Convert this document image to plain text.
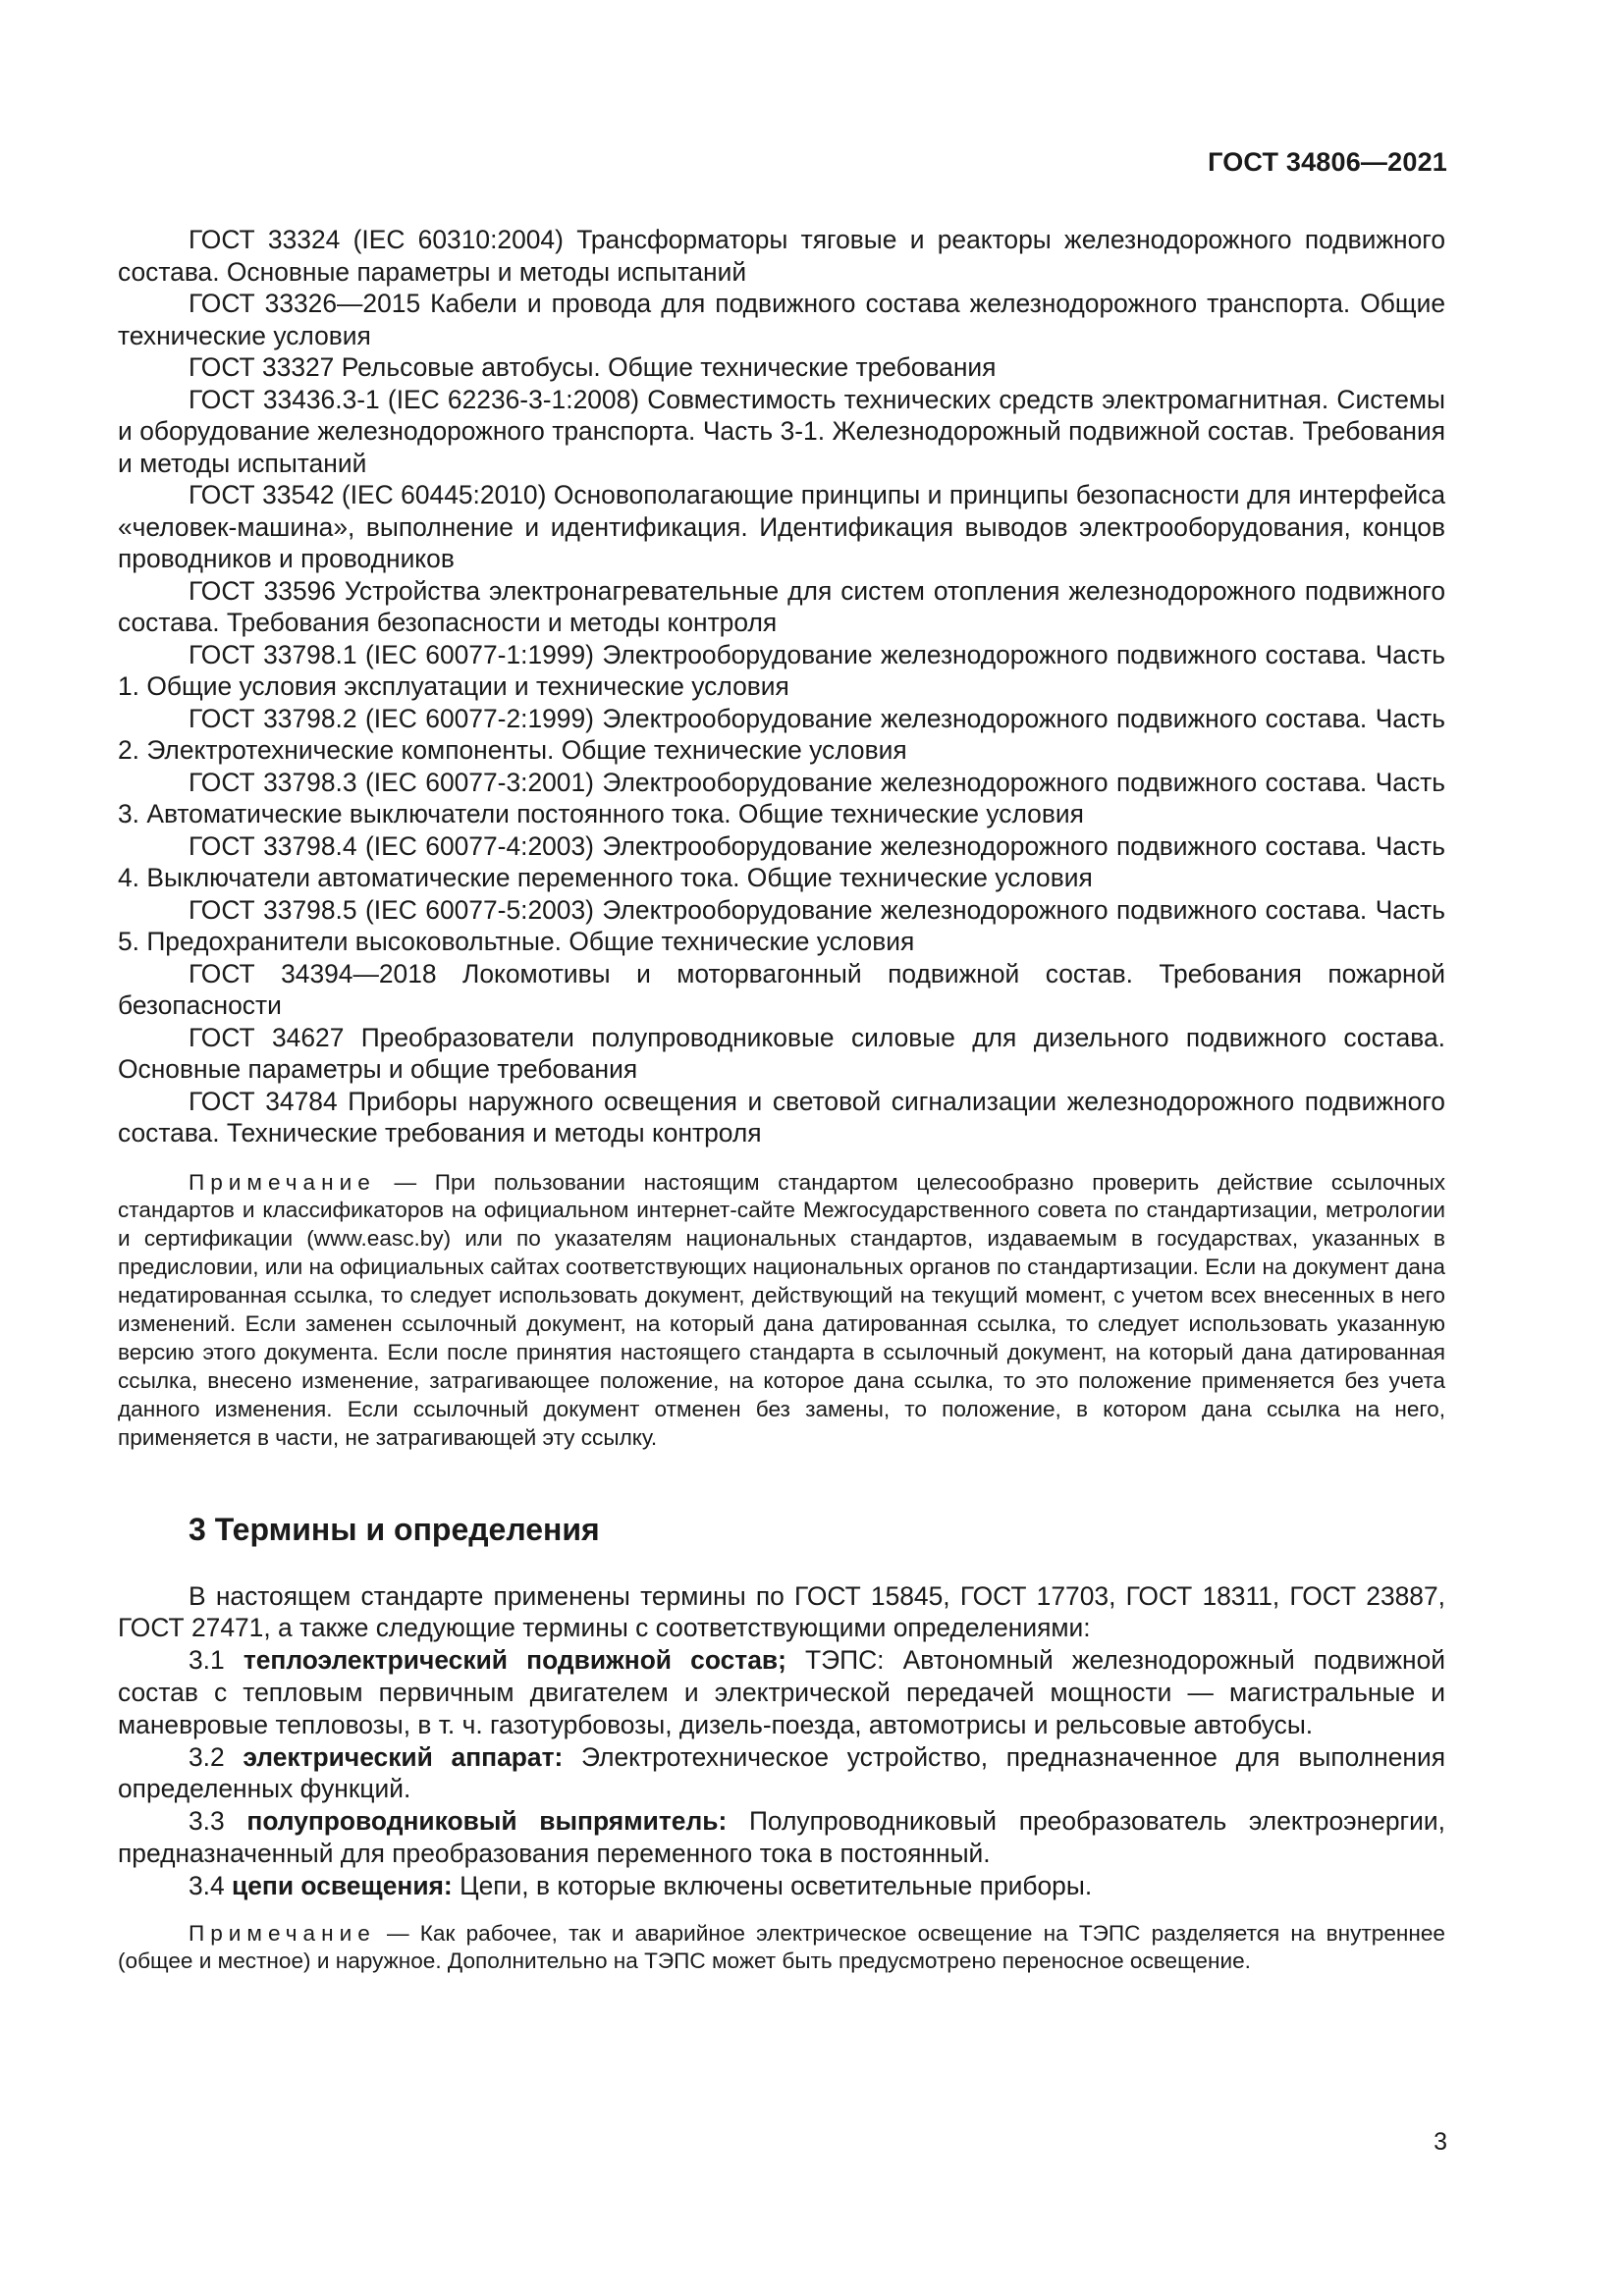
ГОСТ 34806—2021

ГОСТ 33324 (IEC 60310:2004) Трансформаторы тяговые и реакторы железнодорожного подвижного состава. Основные параметры и методы испытаний

ГОСТ 33326—2015 Кабели и провода для подвижного состава железнодорожного транспорта. Общие технические условия

ГОСТ 33327 Рельсовые автобусы. Общие технические требования

ГОСТ 33436.3-1 (IEC 62236-3-1:2008) Совместимость технических средств электромагнитная. Системы и оборудование железнодорожного транспорта. Часть 3-1. Железнодорожный подвижной состав. Требования и методы испытаний

ГОСТ 33542 (IEC 60445:2010) Основополагающие принципы и принципы безопасности для интерфейса «человек-машина», выполнение и идентификация. Идентификация выводов электрооборудования, концов проводников и проводников

ГОСТ 33596 Устройства электронагревательные для систем отопления железнодорожного подвижного состава. Требования безопасности и методы контроля

ГОСТ 33798.1 (IEC 60077-1:1999) Электрооборудование железнодорожного подвижного состава. Часть 1. Общие условия эксплуатации и технические условия

ГОСТ 33798.2 (IEC 60077-2:1999) Электрооборудование железнодорожного подвижного состава. Часть 2. Электротехнические компоненты. Общие технические условия

ГОСТ 33798.3 (IEC 60077-3:2001) Электрооборудование железнодорожного подвижного состава. Часть 3. Автоматические выключатели постоянного тока. Общие технические условия

ГОСТ 33798.4 (IEC 60077-4:2003) Электрооборудование железнодорожного подвижного состава. Часть 4. Выключатели автоматические переменного тока. Общие технические условия

ГОСТ 33798.5 (IEC 60077-5:2003) Электрооборудование железнодорожного подвижного состава. Часть 5. Предохранители высоковольтные. Общие технические условия

ГОСТ 34394—2018 Локомотивы и моторвагонный подвижной состав. Требования пожарной безопасности

ГОСТ 34627 Преобразователи полупроводниковые силовые для дизельного подвижного состава. Основные параметры и общие требования

ГОСТ 34784 Приборы наружного освещения и световой сигнализации железнодорожного подвижного состава. Технические требования и методы контроля

Примечание — При пользовании настоящим стандартом целесообразно проверить действие ссылочных стандартов и классификаторов на официальном интернет-сайте Межгосударственного совета по стандартизации, метрологии и сертификации (www.easc.by) или по указателям национальных стандартов, издаваемым в государствах, указанных в предисловии, или на официальных сайтах соответствующих национальных органов по стандартизации. Если на документ дана недатированная ссылка, то следует использовать документ, действующий на текущий момент, с учетом всех внесенных в него изменений. Если заменен ссылочный документ, на который дана датированная ссылка, то следует использовать указанную версию этого документа. Если после принятия настоящего стандарта в ссылочный документ, на который дана датированная ссылка, внесено изменение, затрагивающее положение, на которое дана ссылка, то это положение применяется без учета данного изменения. Если ссылочный документ отменен без замены, то положение, в котором дана ссылка на него, применяется в части, не затрагивающей эту ссылку.

3 Термины и определения

В настоящем стандарте применены термины по ГОСТ 15845, ГОСТ 17703, ГОСТ 18311, ГОСТ 23887, ГОСТ 27471, а также следующие термины с соответствующими определениями:

3.1 теплоэлектрический подвижной состав; ТЭПС: Автономный железнодорожный подвижной состав с тепловым первичным двигателем и электрической передачей мощности — магистральные и маневровые тепловозы, в т. ч. газотурбовозы, дизель-поезда, автомотрисы и рельсовые автобусы.

3.2 электрический аппарат: Электротехническое устройство, предназначенное для выполнения определенных функций.

3.3 полупроводниковый выпрямитель: Полупроводниковый преобразователь электроэнергии, предназначенный для преобразования переменного тока в постоянный.

3.4 цепи освещения: Цепи, в которые включены осветительные приборы.

Примечание — Как рабочее, так и аварийное электрическое освещение на ТЭПС разделяется на внутреннее (общее и местное) и наружное. Дополнительно на ТЭПС может быть предусмотрено переносное освещение.

3
